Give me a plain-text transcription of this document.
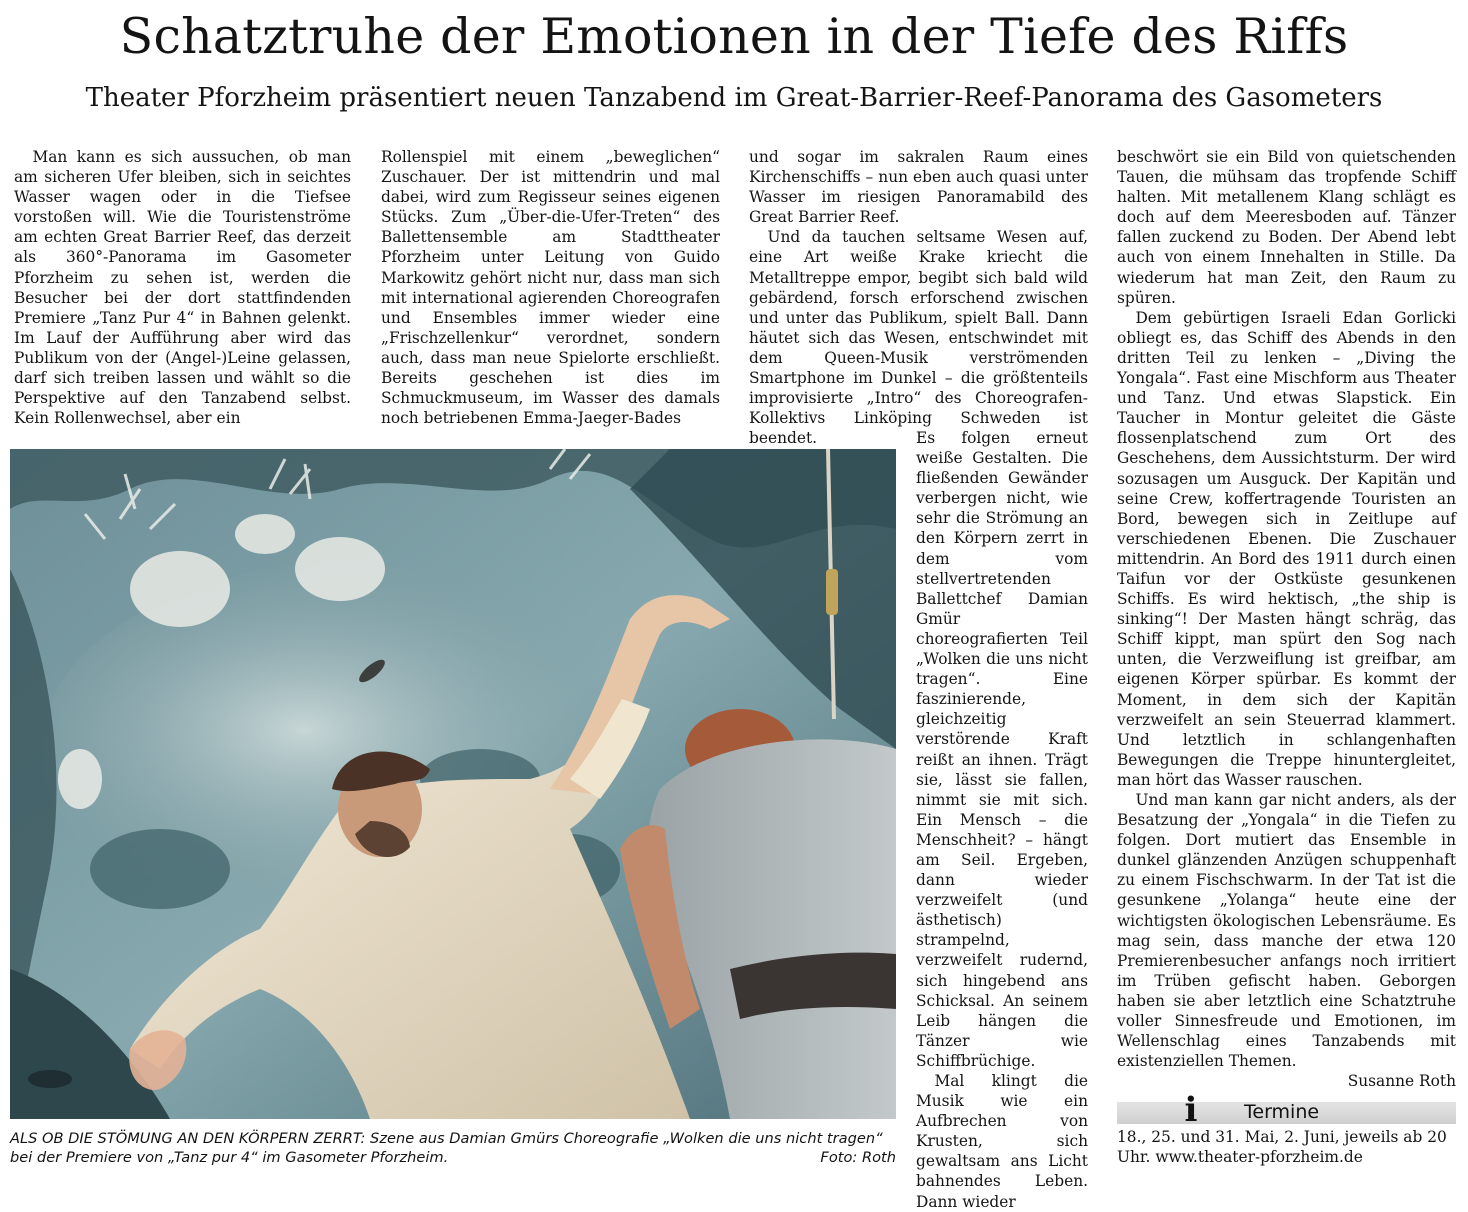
Schatztruhe der Emotionen in der Tiefe des Riffs
Theater Pforzheim präsentiert neuen Tanzabend im Great-Barrier-Reef-Panorama des Gasometers

Man kann es sich aussuchen, ob man am sicheren Ufer bleiben, sich in seichtes Wasser wagen oder in die Tiefsee vorstoßen will. Wie die Touristenströme am echten Great Barrier Reef, das derzeit als 360°-Panorama im Gasometer Pforzheim zu sehen ist, werden die Besucher bei der dort stattfindenden Premiere „Tanz Pur 4“ in Bahnen gelenkt. Im Lauf der Aufführung aber wird das Publikum von der (Angel-)Leine gelassen, darf sich treiben lassen und wählt so die Perspektive auf den Tanzabend selbst. Kein Rollenwechsel, aber ein

Rollenspiel mit einem „beweglichen“ Zuschauer. Der ist mittendrin und mal dabei, wird zum Regisseur seines eigenen Stücks. Zum „Über-die-Ufer-Treten“ des Ballettensemble am Stadttheater Pforzheim unter Leitung von Guido Markowitz gehört nicht nur, dass man sich mit international agierenden Choreografen und Ensembles immer wieder eine „Frischzellenkur“ verordnet, sondern auch, dass man neue Spielorte erschließt. Bereits geschehen ist dies im Schmuckmuseum, im Wasser des damals noch betriebenen Emma-Jaeger-Bades

und sogar im sakralen Raum eines Kirchenschiffs – nun eben auch quasi unter Wasser im riesigen Panoramabild des Great Barrier Reef.

Und da tauchen seltsame Wesen auf, eine Art weiße Krake kriecht die Metalltreppe empor, begibt sich bald wild gebärdend, forsch erforschend zwischen und unter das Publikum, spielt Ball. Dann häutet sich das Wesen, entschwindet mit dem Queen-Musik verströmenden Smartphone im Dunkel – die größtenteils improvisierte „Intro“ des Choreografen-Kollektivs Linköping Schweden ist beendet.	Es folgen erneut weiße Gestalten. Die fließenden Gewänder verbergen nicht, wie sehr die Strömung an den Körpern zerrt in dem vom stellvertretenden Ballettchef Damian Gmür choreografierten Teil „Wolken die uns nicht tragen“. Eine faszinierende, gleichzeitig verstörende Kraft reißt an ihnen. Trägt sie, lässt sie fallen, nimmt sie mit sich. Ein Mensch – die Menschheit? – hängt am Seil. Ergeben, dann wieder verzweifelt (und ästhetisch) strampelnd, verzweifelt rudernd, sich hingebend ans Schicksal. An seinem Leib hängen die Tänzer wie Schiffbrüchige.

Mal klingt die Musik wie ein Aufbrechen von Krusten, sich gewaltsam ans Licht bahnendes Leben. Dann wieder

beschwört sie ein Bild von quietschenden Tauen, die mühsam das tropfende Schiff halten. Mit metallenem Klang schlägt es doch auf dem Meeresboden auf. Tänzer fallen zuckend zu Boden. Der Abend lebt auch von einem Innehalten in Stille. Da wiederum hat man Zeit, den Raum zu spüren.

Dem gebürtigen Israeli Edan Gorlicki obliegt es, das Schiff des Abends in den dritten Teil zu lenken – „Diving the Yongala“. Fast eine Mischform aus Theater und Tanz. Und etwas Slapstick. Ein Taucher in Montur geleitet die Gäste flossenplatschend zum Ort des Geschehens, dem Aussichtsturm. Der wird sozusagen um Ausguck. Der Kapitän und seine Crew, koffertragende Touristen an Bord, bewegen sich in Zeitlupe auf verschiedenen Ebenen. Die Zuschauer mittendrin. An Bord des 1911 durch einen Taifun vor der Ostküste gesunkenen Schiffs. Es wird hektisch, „the ship is sinking“! Der Masten hängt schräg, das Schiff kippt, man spürt den Sog nach unten, die Verzweiflung ist greifbar, am eigenen Körper spürbar. Es kommt der Moment, in dem sich der Kapitän verzweifelt an sein Steuerrad klammert. Und letztlich in schlangenhaften Bewegungen die Treppe hinuntergleitet, man hört das Wasser rauschen.

Und man kann gar nicht anders, als der Besatzung der „Yongala“ in die Tiefen zu folgen. Dort mutiert das Ensemble in dunkel glänzenden Anzügen schuppenhaft zu einem Fischschwarm. In der Tat ist die gesunkene „Yolanga“ heute eine der wichtigsten ökologischen Lebensräume. Es mag sein, dass manche der etwa 120 Premierenbesucher anfangs noch irritiert im Trüben gefischt haben. Geborgen haben sie aber letztlich eine Schatztruhe voller Sinnesfreude und Emotionen, im Wellenschlag eines Tanzabends mit existenziellen Themen.

Susanne Roth
ALS OB DIE STÖMUNG AN DEN KÖRPERN ZERRT: Szene aus Damian Gmürs Choreografie „Wolken die uns nicht tragen“ bei der Premiere von „Tanz pur 4“ im Gasometer Pforzheim.	Foto: Roth
i Termine
18., 25. und 31. Mai, 2. Juni, jeweils ab 20 Uhr. www.theater-pforzheim.de
